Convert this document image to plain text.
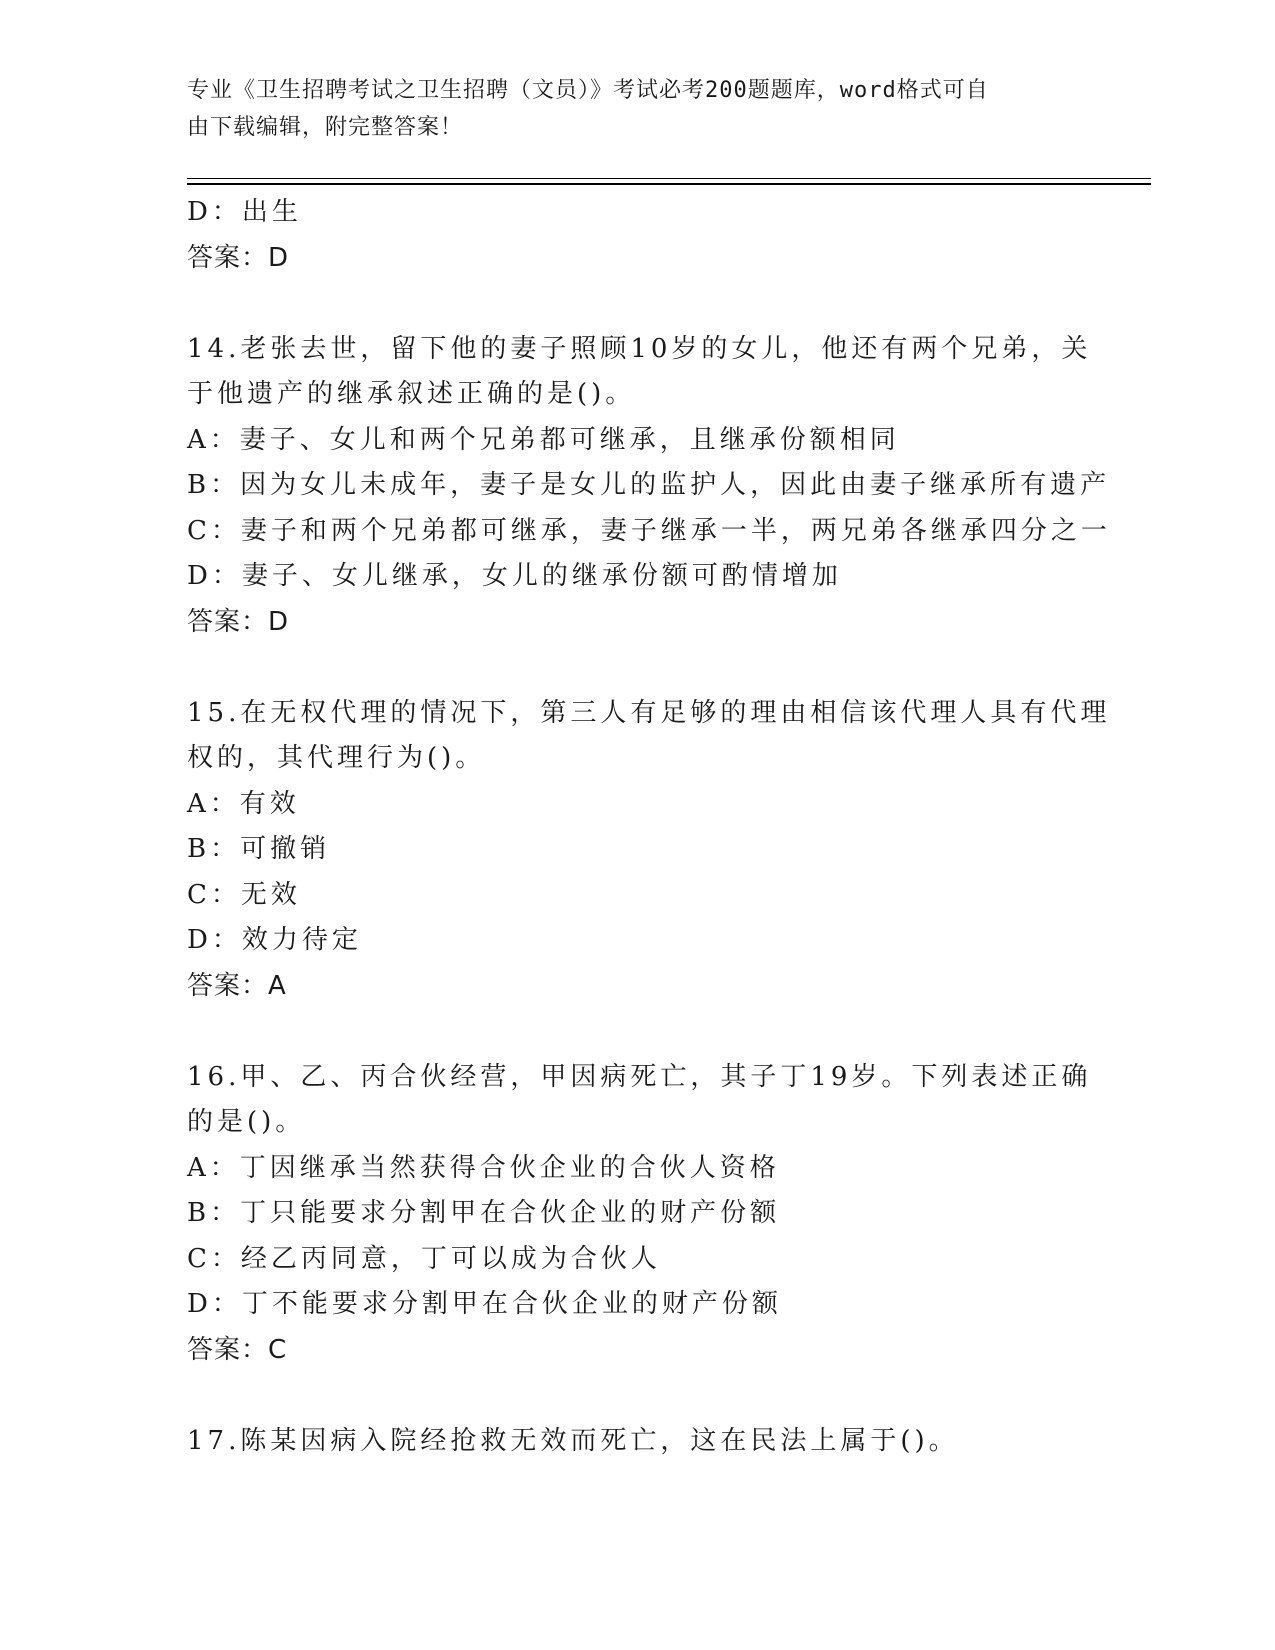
专业《卫生招聘考试之卫生招聘（文员）》考试必考200题题库，word格式可自
由下载编辑，附完整答案！
D：出生
答案：D
14.老张去世，留下他的妻子照顾10岁的女儿，他还有两个兄弟，关
于他遗产的继承叙述正确的是()。
A：妻子、女儿和两个兄弟都可继承，且继承份额相同
B：因为女儿未成年，妻子是女儿的监护人，因此由妻子继承所有遗产
C：妻子和两个兄弟都可继承，妻子继承一半，两兄弟各继承四分之一
D：妻子、女儿继承，女儿的继承份额可酌情增加
答案：D
15.在无权代理的情况下，第三人有足够的理由相信该代理人具有代理
权的，其代理行为()。
A：有效
B：可撤销
C：无效
D：效力待定
答案：A
16.甲、乙、丙合伙经营，甲因病死亡，其子丁19岁。下列表述正确
的是()。
A：丁因继承当然获得合伙企业的合伙人资格
B：丁只能要求分割甲在合伙企业的财产份额
C：经乙丙同意，丁可以成为合伙人
D：丁不能要求分割甲在合伙企业的财产份额
答案：C
17.陈某因病入院经抢救无效而死亡，这在民法上属于()。
